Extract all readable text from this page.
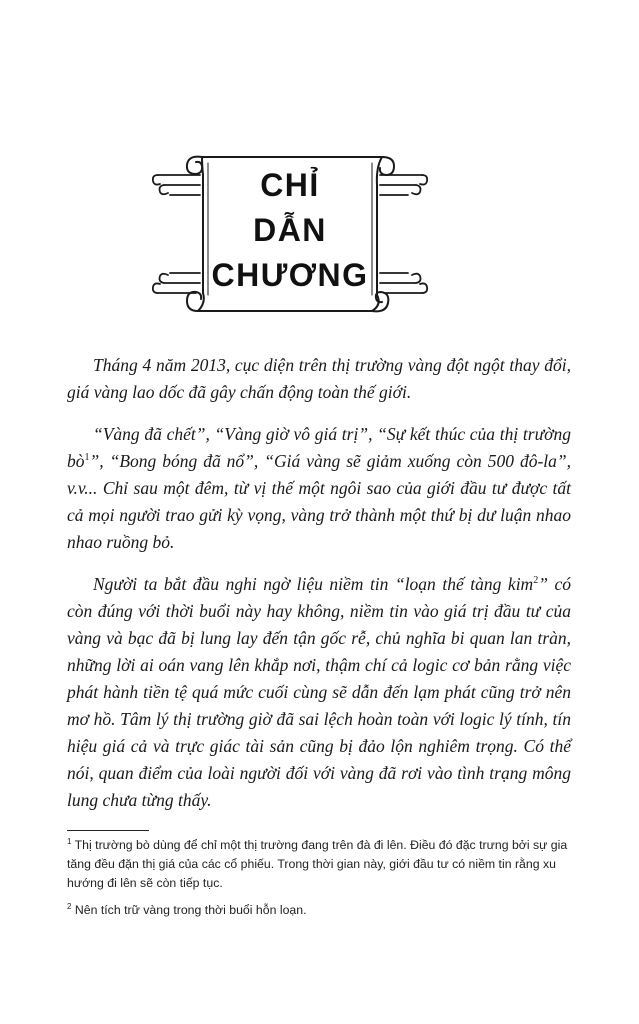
CHỈ
DẪN
CHƯƠNG

Tháng 4 năm 2013, cục diện trên thị trường vàng đột ngột thay đổi, giá vàng lao dốc đã gây chấn động toàn thế giới.

“Vàng đã chết”, “Vàng giờ vô giá trị”, “Sự kết thúc của thị trường bò$^1$”, “Bong bóng đã nổ”, “Giá vàng sẽ giảm xuống còn 500 đô-la”, v.v... Chỉ sau một đêm, từ vị thế một ngôi sao của giới đầu tư được tất cả mọi người trao gửi kỳ vọng, vàng trở thành một thứ bị dư luận nhao nhao ruồng bỏ.

Người ta bắt đầu nghi ngờ liệu niềm tin “loạn thế tàng kim$^2$” có còn đúng với thời buổi này hay không, niềm tin vào giá trị đầu tư của vàng và bạc đã bị lung lay đến tận gốc rễ, chủ nghĩa bi quan lan tràn, những lời ai oán vang lên khắp nơi, thậm chí cả logic cơ bản rằng việc phát hành tiền tệ quá mức cuối cùng sẽ dẫn đến lạm phát cũng trở nên mơ hồ. Tâm lý thị trường giờ đã sai lệch hoàn toàn với logic lý tính, tín hiệu giá cả và trực giác tài sản cũng bị đảo lộn nghiêm trọng. Có thể nói, quan điểm của loài người đối với vàng đã rơi vào tình trạng mông lung chưa từng thấy.

$^1$ Thị trường bò dùng để chỉ một thị trường đang trên đà đi lên. Điều đó đặc trưng bởi sự gia tăng đều đặn thị giá của các cổ phiếu. Trong thời gian này, giới đầu tư có niềm tin rằng xu hướng đi lên sẽ còn tiếp tục.
$^2$ Nên tích trữ vàng trong thời buổi hỗn loạn.
